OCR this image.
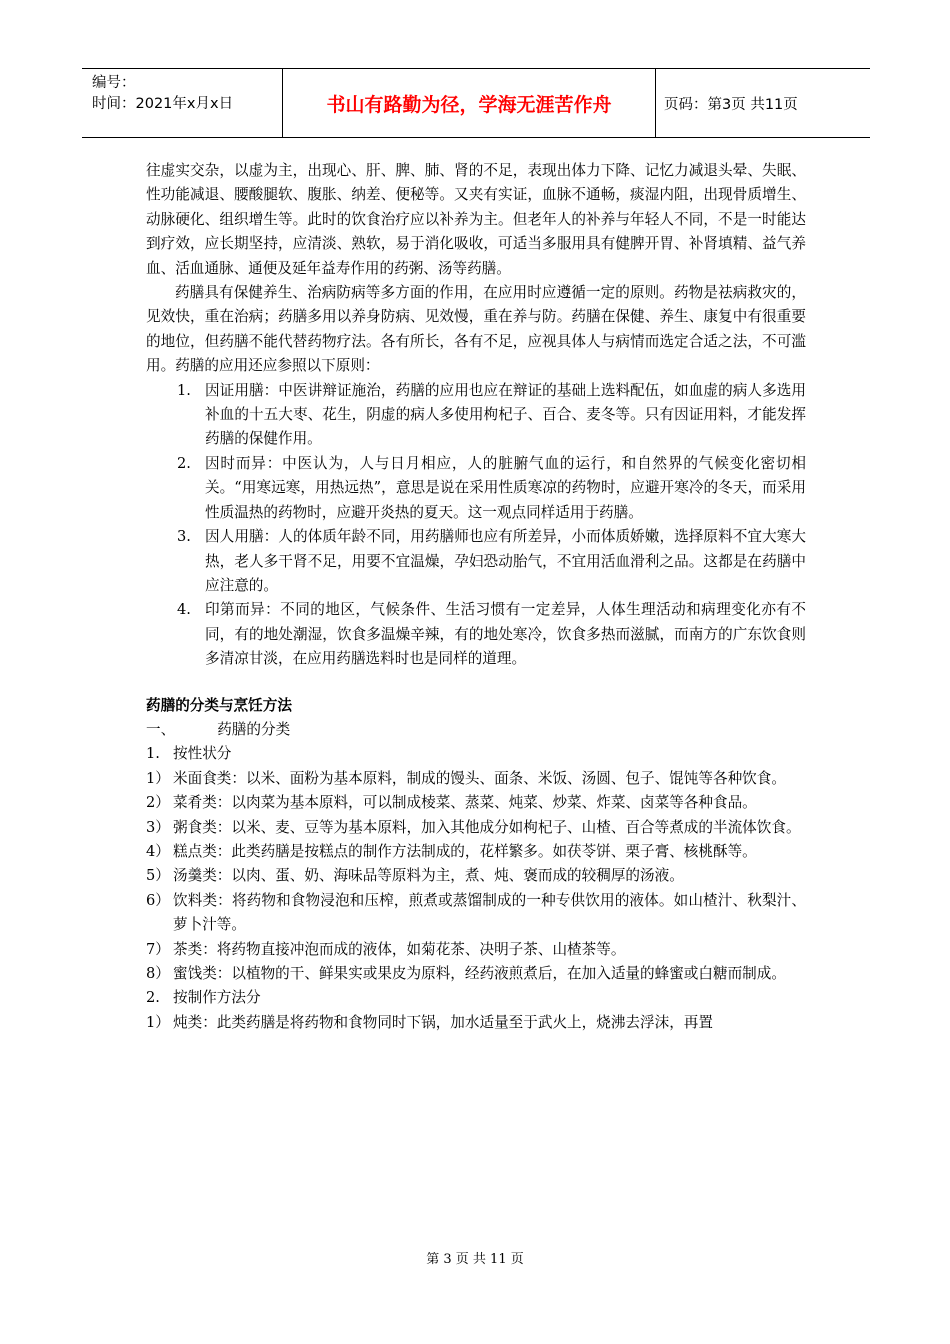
编号：
时间：2021年x月x日	书山有路勤为径，学海无涯苦作舟	页码：第3页 共11页

往虚实交杂，以虚为主，出现心、肝、脾、肺、肾的不足，表现出体力下降、记忆力减退头晕、失眠、性功能减退、腰酸腿软、腹胀、纳差、便秘等。又夹有实证，血脉不通畅，痰湿内阻，出现骨质增生、动脉硬化、组织增生等。此时的饮食治疗应以补养为主。但老年人的补养与年轻人不同，不是一时能达到疗效，应长期坚持，应清淡、熟软，易于消化吸收，可适当多服用具有健脾开胃、补肾填精、益气养血、活血通脉、通便及延年益寿作用的药粥、汤等药膳。

药膳具有保健养生、治病防病等多方面的作用，在应用时应遵循一定的原则。药物是祛病救灾的，见效快，重在治病；药膳多用以养身防病、见效慢，重在养与防。药膳在保健、养生、康复中有很重要的地位，但药膳不能代替药物疗法。各有所长，各有不足，应视具体人与病情而选定合适之法，不可滥用。药膳的应用还应参照以下原则：

1. 因证用膳：中医讲辩证施治，药膳的应用也应在辩证的基础上选料配伍，如血虚的病人多选用补血的十五大枣、花生，阴虚的病人多使用枸杞子、百合、麦冬等。只有因证用料，才能发挥药膳的保健作用。
2. 因时而异：中医认为，人与日月相应，人的脏腑气血的运行，和自然界的气候变化密切相关。“用寒远寒，用热远热”，意思是说在采用性质寒凉的药物时，应避开寒冷的冬天，而采用性质温热的药物时，应避开炎热的夏天。这一观点同样适用于药膳。
3. 因人用膳：人的体质年龄不同，用药膳师也应有所差异，小而体质娇嫩，选择原料不宜大寒大热，老人多干肾不足，用要不宜温燥，孕妇恐动胎气，不宜用活血滑利之品。这都是在药膳中应注意的。
4. 印第而异：不同的地区，气候条件、生活习惯有一定差异，人体生理活动和病理变化亦有不同，有的地处潮湿，饮食多温燥辛辣，有的地处寒冷，饮食多热而滋腻，而南方的广东饮食则多清凉甘淡，在应用药膳选料时也是同样的道理。
药膳的分类与烹饪方法
一、	药膳的分类
1. 按性状分
1） 米面食类：以米、面粉为基本原料，制成的馒头、面条、米饭、汤圆、包子、馄饨等各种饮食。
2） 菜肴类：以肉菜为基本原料，可以制成棱菜、蒸菜、炖菜、炒菜、炸菜、卤菜等各种食品。
3） 粥食类：以米、麦、豆等为基本原料，加入其他成分如枸杞子、山楂、百合等煮成的半流体饮食。
4） 糕点类：此类药膳是按糕点的制作方法制成的，花样繁多。如茯苓饼、栗子膏、核桃酥等。
5） 汤羹类：以肉、蛋、奶、海味品等原料为主，煮、炖、褒而成的较稠厚的汤液。
6） 饮料类：将药物和食物浸泡和压榨，煎煮或蒸馏制成的一种专供饮用的液体。如山楂汁、秋梨汁、萝卜汁等。
7） 茶类：将药物直接冲泡而成的液体，如菊花茶、决明子茶、山楂茶等。
8） 蜜饯类：以植物的干、鲜果实或果皮为原料，经药液煎煮后，在加入适量的蜂蜜或白糖而制成。
2. 按制作方法分
1） 炖类：此类药膳是将药物和食物同时下锅，加水适量至于武火上，烧沸去浮沫，再置
第 3 页 共 11 页
